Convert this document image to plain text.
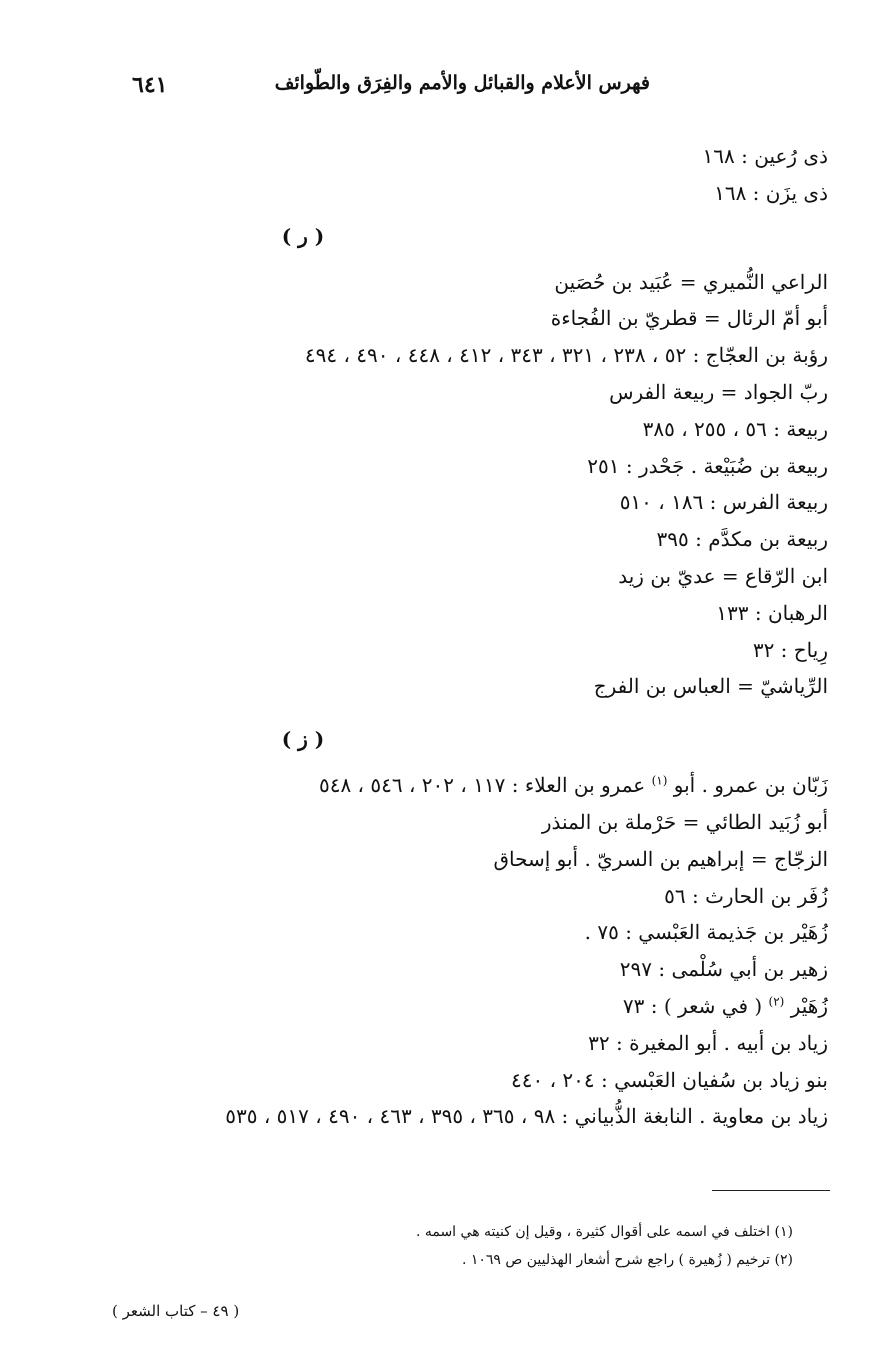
٦٤١	فهرس الأعلام والقبائل والأمم والفِرَق والطّوائف
ذى رُعين : ١٦٨
ذى يزَن : ١٦٨
( ر )
الراعي النُّميري = عُبَيد بن حُصَين
أبو أمّ الرئال = قطريّ بن الفُجاءة
رؤبة بن العجّاج : ٥٢ ، ٢٣٨ ، ٣٢١ ، ٣٤٣ ، ٤١٢ ، ٤٤٨ ، ٤٩٠ ، ٤٩٤
ربّ الجواد = ربيعة الفرس
ربيعة : ٥٦ ، ٢٥٥ ، ٣٨٥
ربيعة بن ضُبَيْعة . جَحْدر : ٢٥١
ربيعة الفرس : ١٨٦ ، ٥١٠
ربيعة بن مكدَّم : ٣٩٥
ابن الرّقاع = عديّ بن زيد
الرهبان : ١٣٣
رِياح : ٣٢
الرِّياشيّ = العباس بن الفرج
( ز )
زَبّان بن عمرو . أبو $^{(١)}$ عمرو بن العلاء : ١١٧ ، ٢٠٢ ، ٥٤٦ ، ٥٤٨
أبو زُبَيد الطائي = حَرْملة بن المنذر
الزجّاج = إبراهيم بن السريّ . أبو إسحاق
زُفَر بن الحارث : ٥٦
زُهَيْر بن جَذيمة العَبْسي : ٧٥ .
زهير بن أبي سُلْمى : ٢٩٧
زُهَيْر $^{(٢)}$ ( في شعر ) : ٧٣
زياد بن أبيه . أبو المغيرة : ٣٢
بنو زياد بن سُفيان العَبْسي : ٢٠٤ ، ٤٤٠
زياد بن معاوية . النابغة الذُّبياني : ٩٨ ، ٣٦٥ ، ٣٩٥ ، ٤٦٣ ، ٤٩٠ ، ٥١٧ ، ٥٣٥
(١) اختلف في اسمه على أقوال كثيرة ، وقيل إن كنيته هي اسمه .
(٢) ترخيم ( زُهيرة ) راجع شرح أشعار الهذليين ص ١٠٦٩ .
( ٤٩ – كتاب الشعر )
